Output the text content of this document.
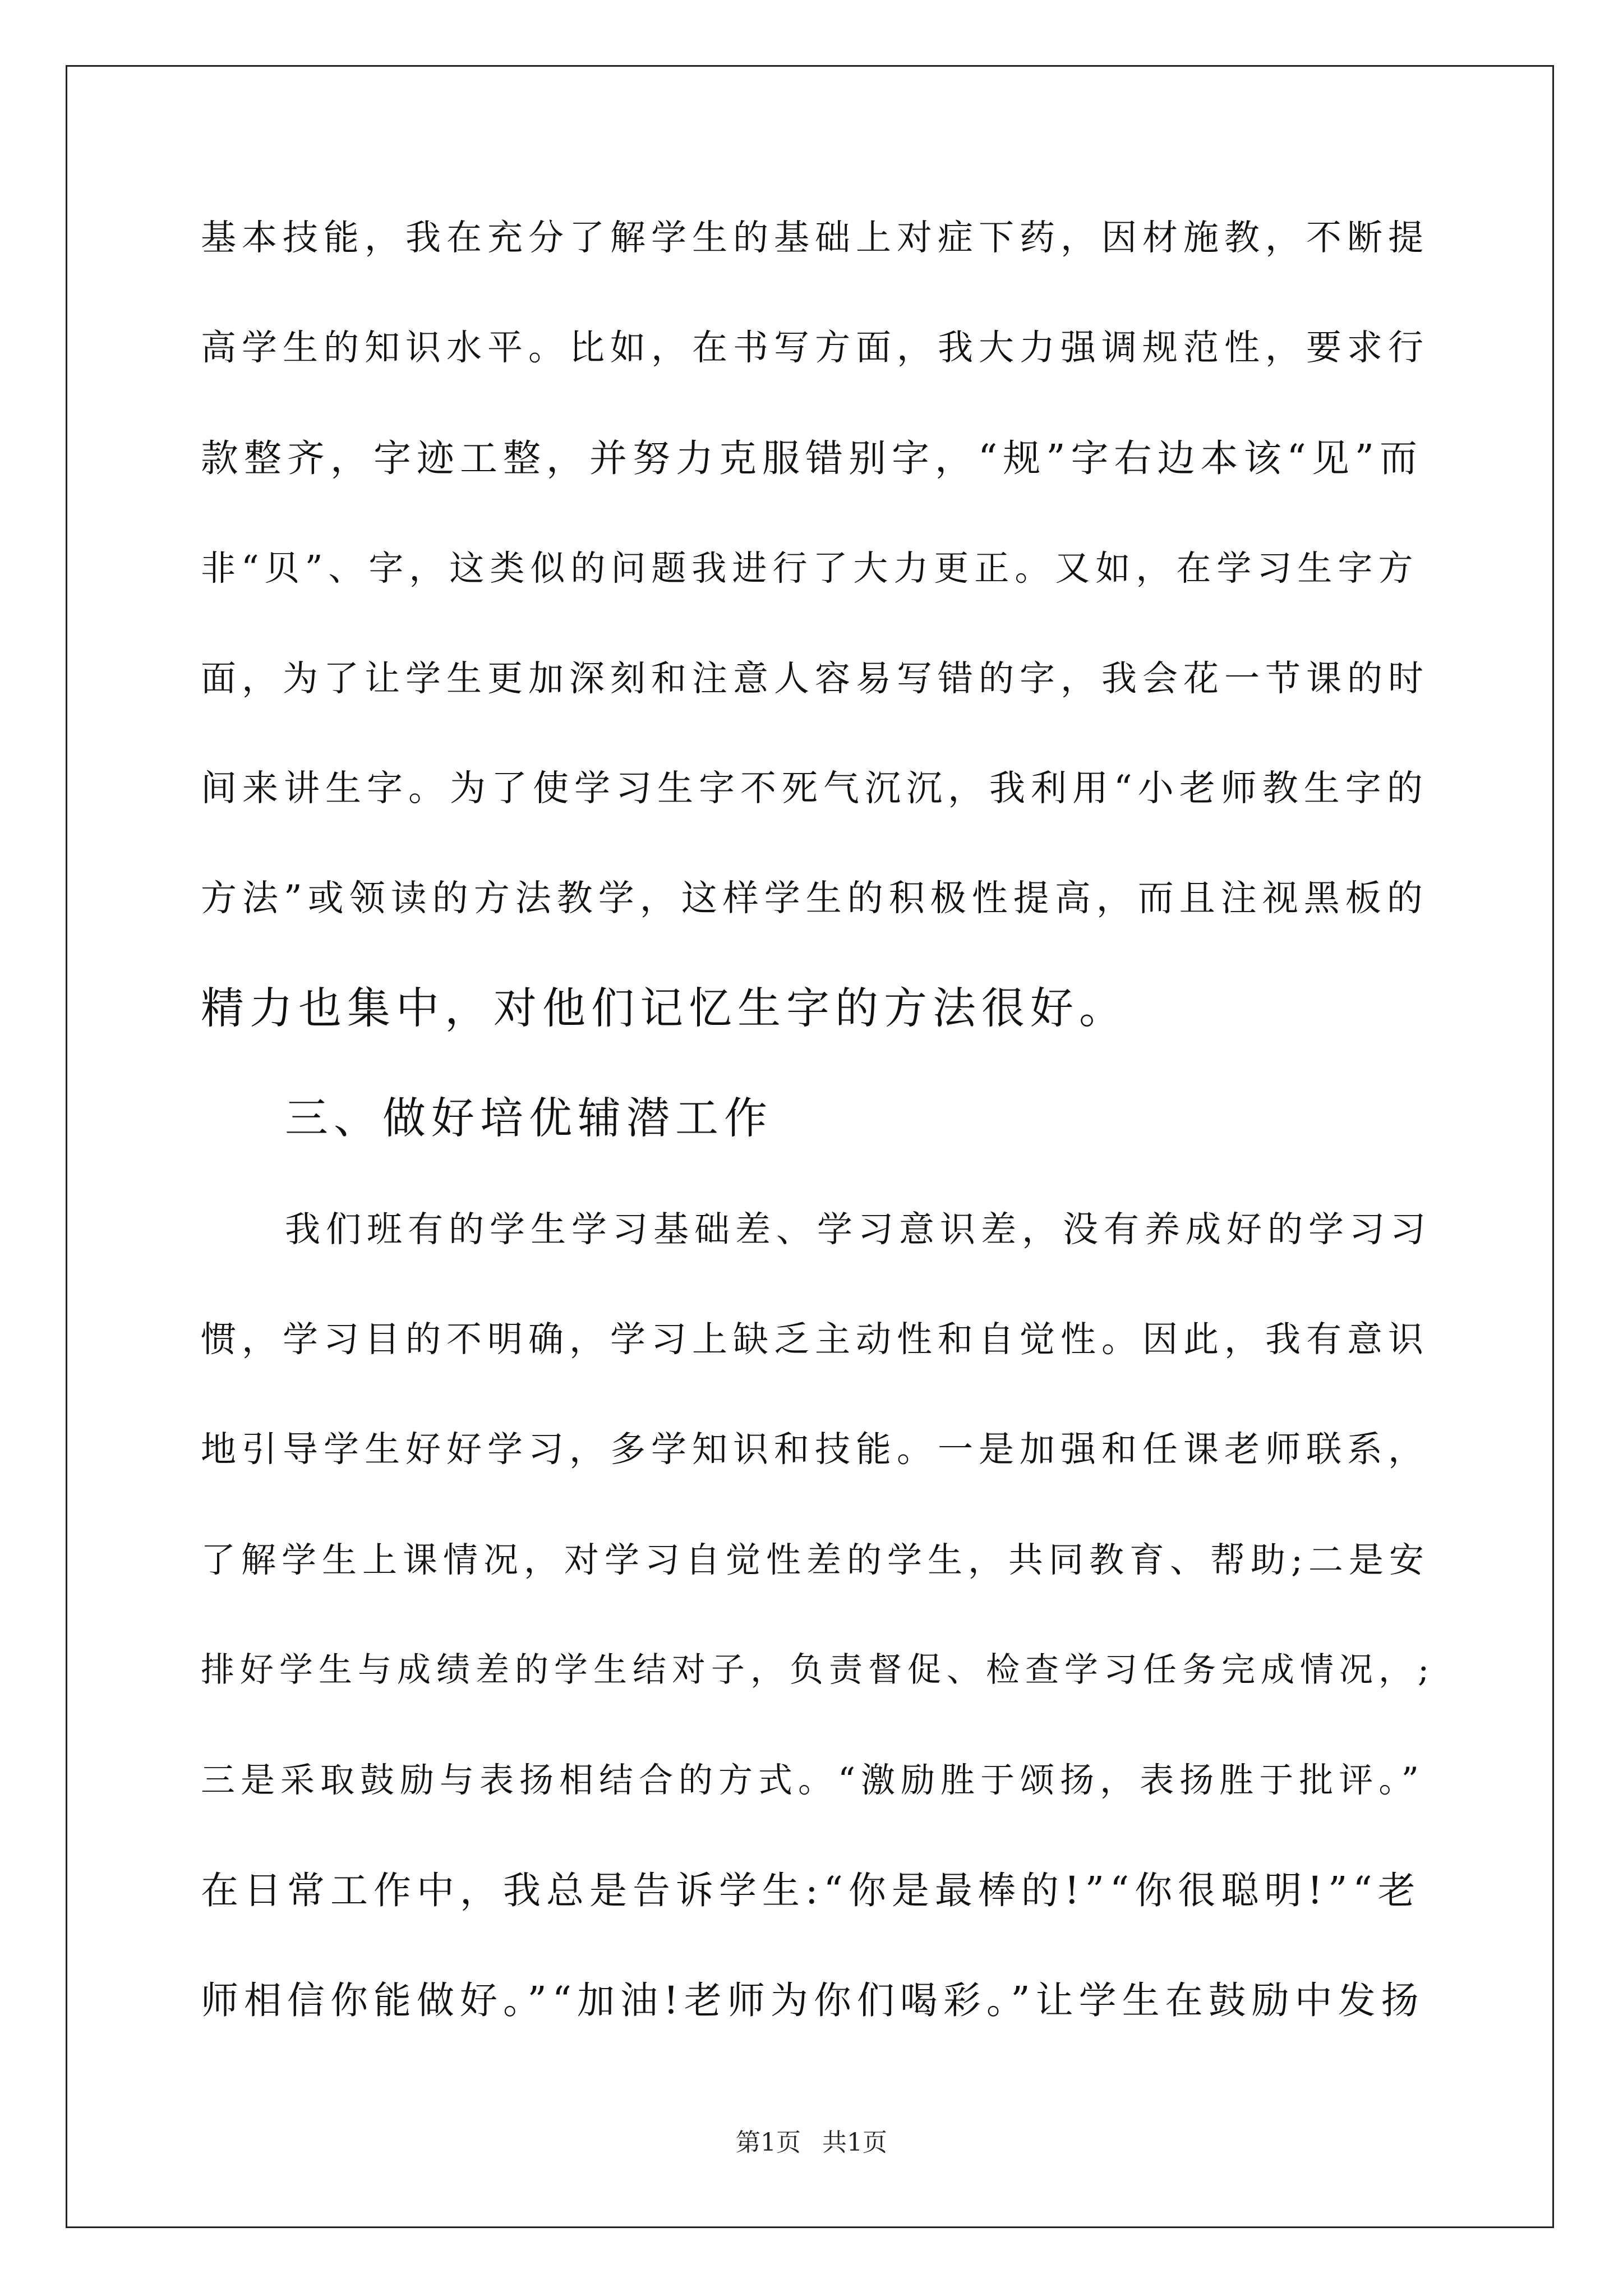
基本技能，我在充分了解学生的基础上对症下药，因材施教，不断提
高学生的知识水平。比如，在书写方面，我大力强调规范性，要求行
款整齐，字迹工整，并努力克服错别字，“规”字右边本该“见”而
非“贝”、字，这类似的问题我进行了大力更正。又如，在学习生字方
面，为了让学生更加深刻和注意人容易写错的字，我会花一节课的时
间来讲生字。为了使学习生字不死气沉沉，我利用“小老师教生字的
方法”或领读的方法教学，这样学生的积极性提高，而且注视黑板的
精力也集中，对他们记忆生字的方法很好。
三、做好培优辅潜工作
我们班有的学生学习基础差、学习意识差，没有养成好的学习习
惯，学习目的不明确，学习上缺乏主动性和自觉性。因此，我有意识
地引导学生好好学习，多学知识和技能。一是加强和任课老师联系，
了解学生上课情况，对学习自觉性差的学生，共同教育、帮助;二是安
排好学生与成绩差的学生结对子，负责督促、检查学习任务完成情况，;
三是采取鼓励与表扬相结合的方式。“激励胜于颂扬，表扬胜于批评。”
在日常工作中，我总是告诉学生:“你是最棒的!”“你很聪明!”“老
师相信你能做好。”“加油!老师为你们喝彩。”让学生在鼓励中发扬
第1页 共1页
